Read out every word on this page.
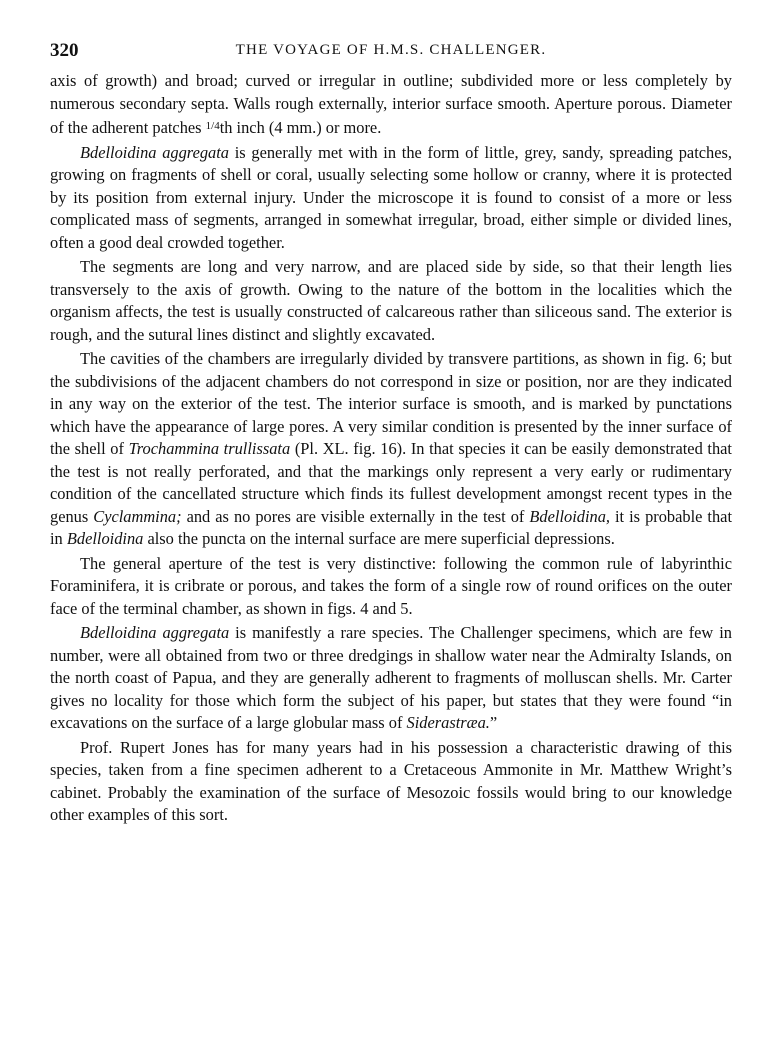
320	THE VOYAGE OF H.M.S. CHALLENGER.

axis of growth) and broad; curved or irregular in outline; subdivided more or less completely by numerous secondary septa. Walls rough externally, interior surface smooth. Aperture porous. Diameter of the adherent patches $^{1/4}$th inch (4 mm.) or more.

Bdelloidina aggregata is generally met with in the form of little, grey, sandy, spreading patches, growing on fragments of shell or coral, usually selecting some hollow or cranny, where it is protected by its position from external injury. Under the microscope it is found to consist of a more or less complicated mass of segments, arranged in somewhat irregular, broad, either simple or divided lines, often a good deal crowded together.

The segments are long and very narrow, and are placed side by side, so that their length lies transversely to the axis of growth. Owing to the nature of the bottom in the localities which the organism affects, the test is usually constructed of calcareous rather than siliceous sand. The exterior is rough, and the sutural lines distinct and slightly excavated.

The cavities of the chambers are irregularly divided by transvere partitions, as shown in fig. 6; but the subdivisions of the adjacent chambers do not correspond in size or position, nor are they indicated in any way on the exterior of the test. The interior surface is smooth, and is marked by punctations which have the appearance of large pores. A very similar condition is presented by the inner surface of the shell of Trochammina trullissata (Pl. XL. fig. 16). In that species it can be easily demonstrated that the test is not really perforated, and that the markings only represent a very early or rudimentary condition of the cancellated structure which finds its fullest development amongst recent types in the genus Cyclammina; and as no pores are visible externally in the test of Bdelloidina, it is probable that in Bdelloidina also the puncta on the internal surface are mere superficial depressions.

The general aperture of the test is very distinctive: following the common rule of labyrinthic Foraminifera, it is cribrate or porous, and takes the form of a single row of round orifices on the outer face of the terminal chamber, as shown in figs. 4 and 5.

Bdelloidina aggregata is manifestly a rare species. The Challenger specimens, which are few in number, were all obtained from two or three dredgings in shallow water near the Admiralty Islands, on the north coast of Papua, and they are generally adherent to fragments of molluscan shells. Mr. Carter gives no locality for those which form the subject of his paper, but states that they were found “in excavations on the surface of a large globular mass of Siderastræa.”

Prof. Rupert Jones has for many years had in his possession a characteristic drawing of this species, taken from a fine specimen adherent to a Cretaceous Ammonite in Mr. Matthew Wright’s cabinet. Probably the examination of the surface of Mesozoic fossils would bring to our knowledge other examples of this sort.
